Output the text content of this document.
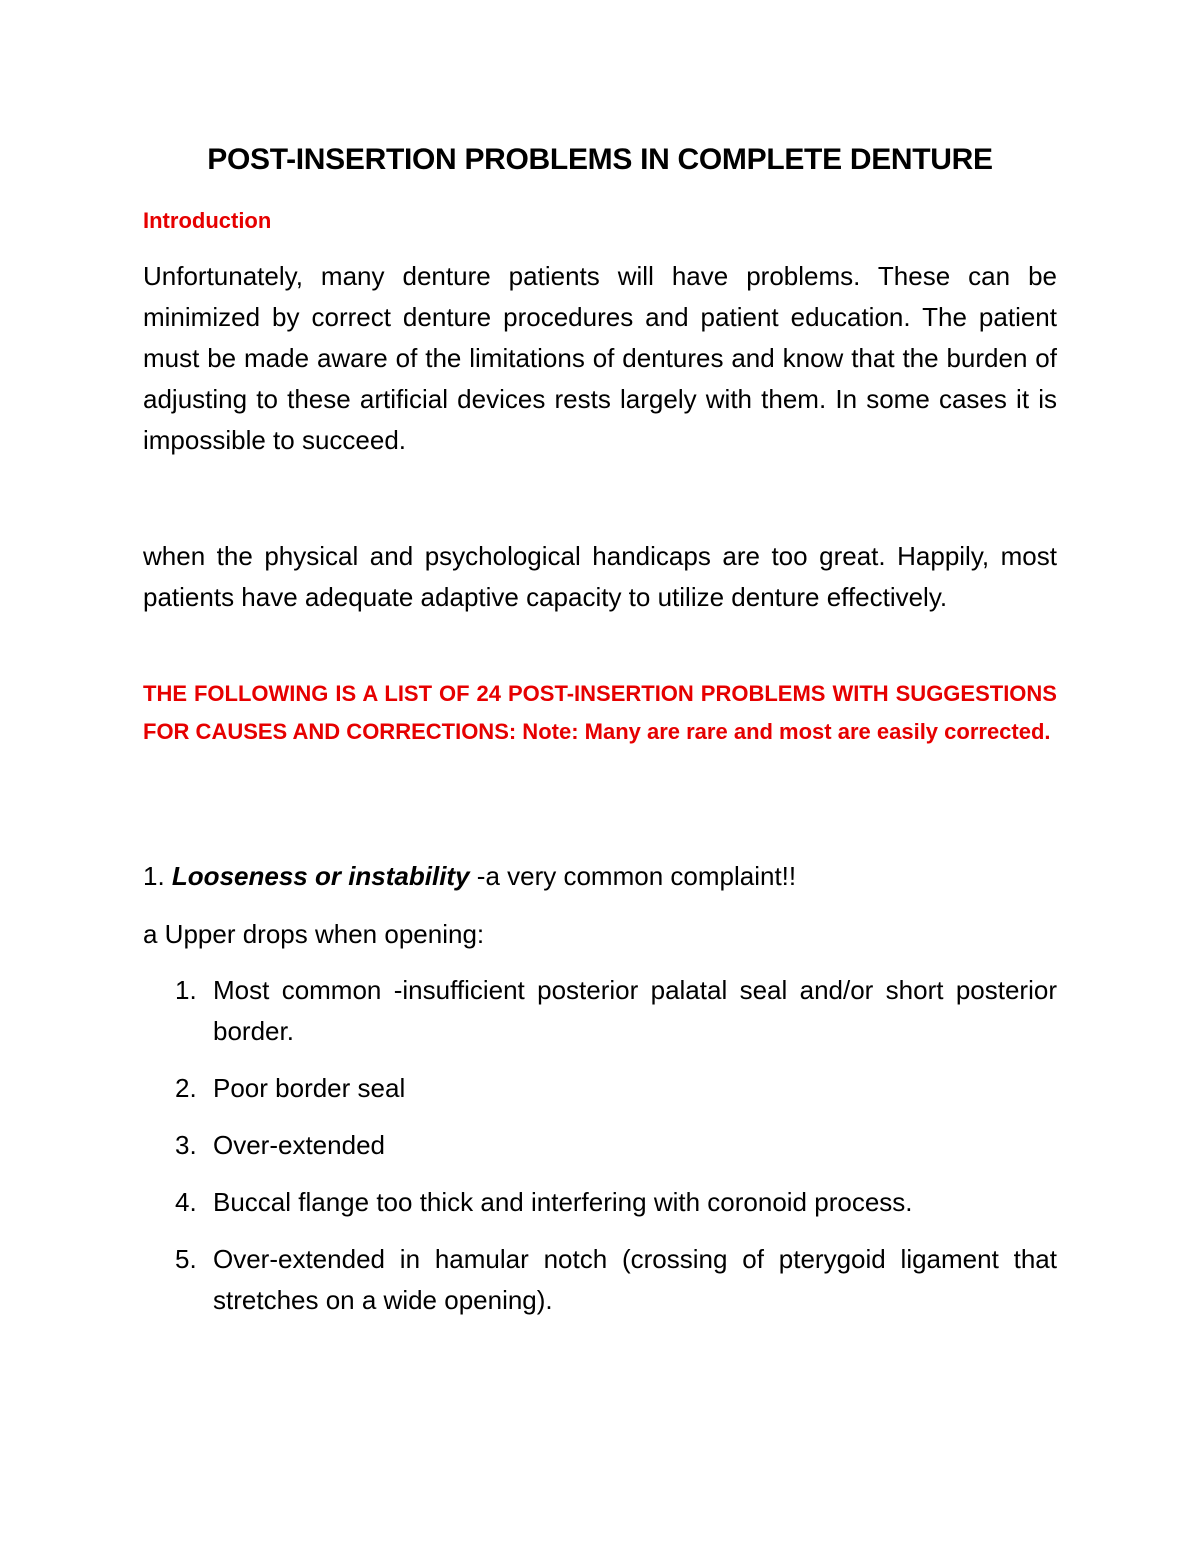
POST-INSERTION PROBLEMS IN COMPLETE DENTURE
Introduction
Unfortunately, many denture patients will have problems. These can be minimized by correct denture procedures and patient education. The patient must be made aware of the limitations of dentures and know that the burden of adjusting to these artificial devices rests largely with them. In some cases it is impossible to succeed.
when the physical and psychological handicaps are too great. Happily, most patients have adequate adaptive capacity to utilize denture effectively.
THE FOLLOWING IS A LIST OF 24 POST-INSERTION PROBLEMS WITH SUGGESTIONS FOR CAUSES AND CORRECTIONS: Note: Many are rare and most are easily corrected.
1. Looseness or instability -a very common complaint!!
a Upper drops when opening:
1. Most common -insufficient posterior palatal seal and/or short posterior border.
2. Poor border seal
3. Over-extended
4. Buccal flange too thick and interfering with coronoid process.
5. Over-extended in hamular notch (crossing of pterygoid ligament that stretches on a wide opening).
